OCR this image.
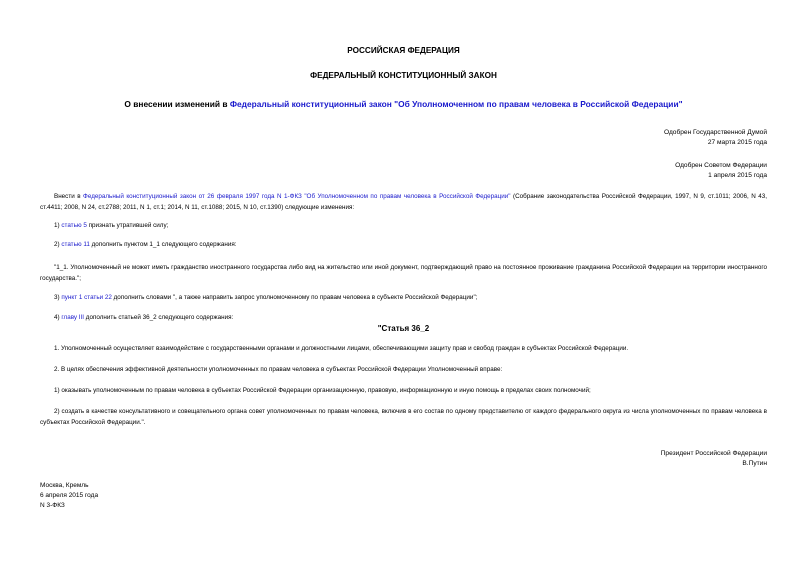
РОССИЙСКАЯ ФЕДЕРАЦИЯ
ФЕДЕРАЛЬНЫЙ КОНСТИТУЦИОННЫЙ ЗАКОН
О внесении изменений в Федеральный конституционный закон "Об Уполномоченном по правам человека в Российской Федерации"
Одобрен Государственной Думой
27 марта 2015 года
Одобрен Советом Федерации
1 апреля 2015 года
Внести в Федеральный конституционный закон от 26 февраля 1997 года N 1-ФКЗ "Об Уполномоченном по правам человека в Российской Федерации" (Собрание законодательства Российской Федерации, 1997, N 9, ст.1011; 2006, N 43, ст.4411; 2008, N 24, ст.2788; 2011, N 1, ст.1; 2014, N 11, ст.1088; 2015, N 10, ст.1390) следующие изменения:
1) статью 5 признать утратившей силу;
2) статью 11 дополнить пунктом 1_1 следующего содержания:
"1_1. Уполномоченный не может иметь гражданство иностранного государства либо вид на жительство или иной документ, подтверждающий право на постоянное проживание гражданина Российской Федерации на территории иностранного государства.";
3) пункт 1 статьи 22 дополнить словами ", а также направить запрос уполномоченному по правам человека в субъекте Российской Федерации";
4) главу III дополнить статьей 36_2 следующего содержания:
"Статья 36_2
1. Уполномоченный осуществляет взаимодействие с государственными органами и должностными лицами, обеспечивающими защиту прав и свобод граждан в субъектах Российской Федерации.
2. В целях обеспечения эффективной деятельности уполномоченных по правам человека в субъектах Российской Федерации Уполномоченный вправе:
1) оказывать уполномоченным по правам человека в субъектах Российской Федерации организационную, правовую, информационную и иную помощь в пределах своих полномочий;
2) создать в качестве консультативного и совещательного органа совет уполномоченных по правам человека, включив в его состав по одному представителю от каждого федерального округа из числа уполномоченных по правам человека в субъектах Российской Федерации.".
Президент Российской Федерации
В.Путин
Москва, Кремль
6 апреля 2015 года
N 3-ФКЗ
